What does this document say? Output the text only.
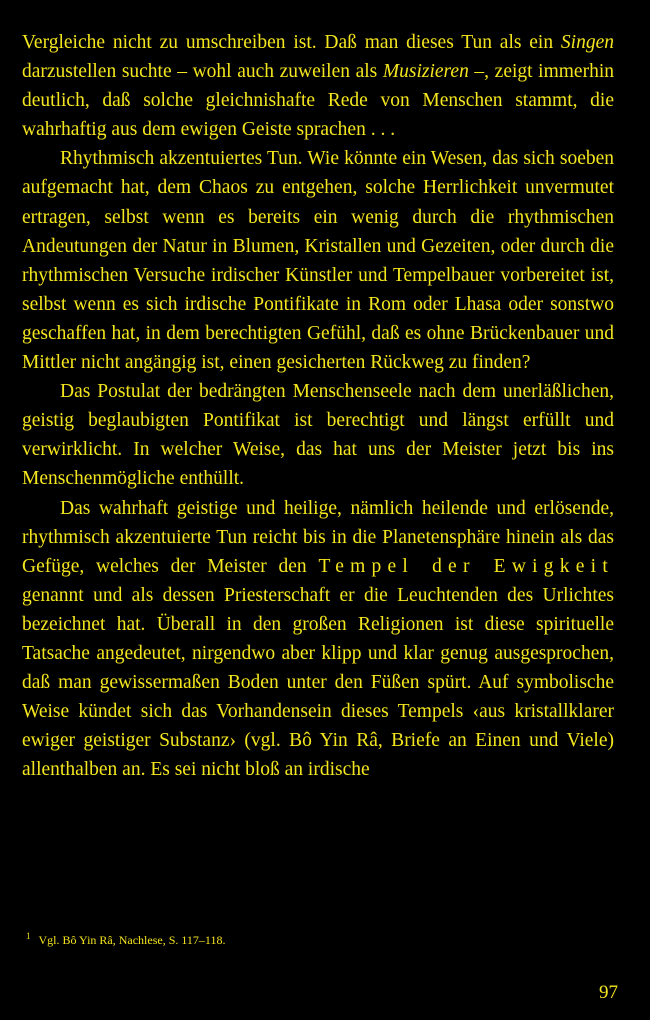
Vergleiche nicht zu umschreiben ist. Daß man dieses Tun als ein Singen darzustellen suchte – wohl auch zuweilen als Musizieren –, zeigt immerhin deutlich, daß solche gleichnishafte Rede von Menschen stammt, die wahrhaftig aus dem ewigen Geiste sprachen . . .

Rhythmisch akzentuiertes Tun. Wie könnte ein Wesen, das sich soeben aufgemacht hat, dem Chaos zu entgehen, solche Herrlichkeit unvermutet ertragen, selbst wenn es bereits ein wenig durch die rhythmischen Andeutungen der Natur in Blumen, Kristallen und Gezeiten, oder durch die rhythmischen Versuche irdischer Künstler und Tempelbauer vorbereitet ist, selbst wenn es sich irdische Pontifikate in Rom oder Lhasa oder sonstwo geschaffen hat, in dem berechtigten Gefühl, daß es ohne Brückenbauer und Mittler nicht angängig ist, einen gesicherten Rückweg zu finden?

Das Postulat der bedrängten Menschenseele nach dem unerläßlichen, geistig beglaubigten Pontifikat ist berechtigt und längst erfüllt und verwirklicht. In welcher Weise, das hat uns der Meister jetzt bis ins Menschenmögliche enthüllt.

Das wahrhaft geistige und heilige, nämlich heilende und erlösende, rhythmisch akzentuierte Tun reicht bis in die Planetensphäre hinein als das Gefüge, welches der Meister den Tempel der Ewigkeit genannt und als dessen Priesterschaft er die Leuchtenden des Urlichtes bezeichnet hat. Überall in den großen Religionen ist diese spirituelle Tatsache angedeutet, nirgendwo aber klipp und klar genug ausgesprochen, daß man gewissermaßen Boden unter den Füßen spürt. Auf symbolische Weise kündet sich das Vorhandensein dieses Tempels ‹aus kristallklarer ewiger geistiger Substanz› (vgl. Bô Yin Râ, Briefe an Einen und Viele) allenthalben an. Es sei nicht bloß an irdische

$^1$ Vgl. Bô Yin Râ, Nachlese, S. 117–118.
97
